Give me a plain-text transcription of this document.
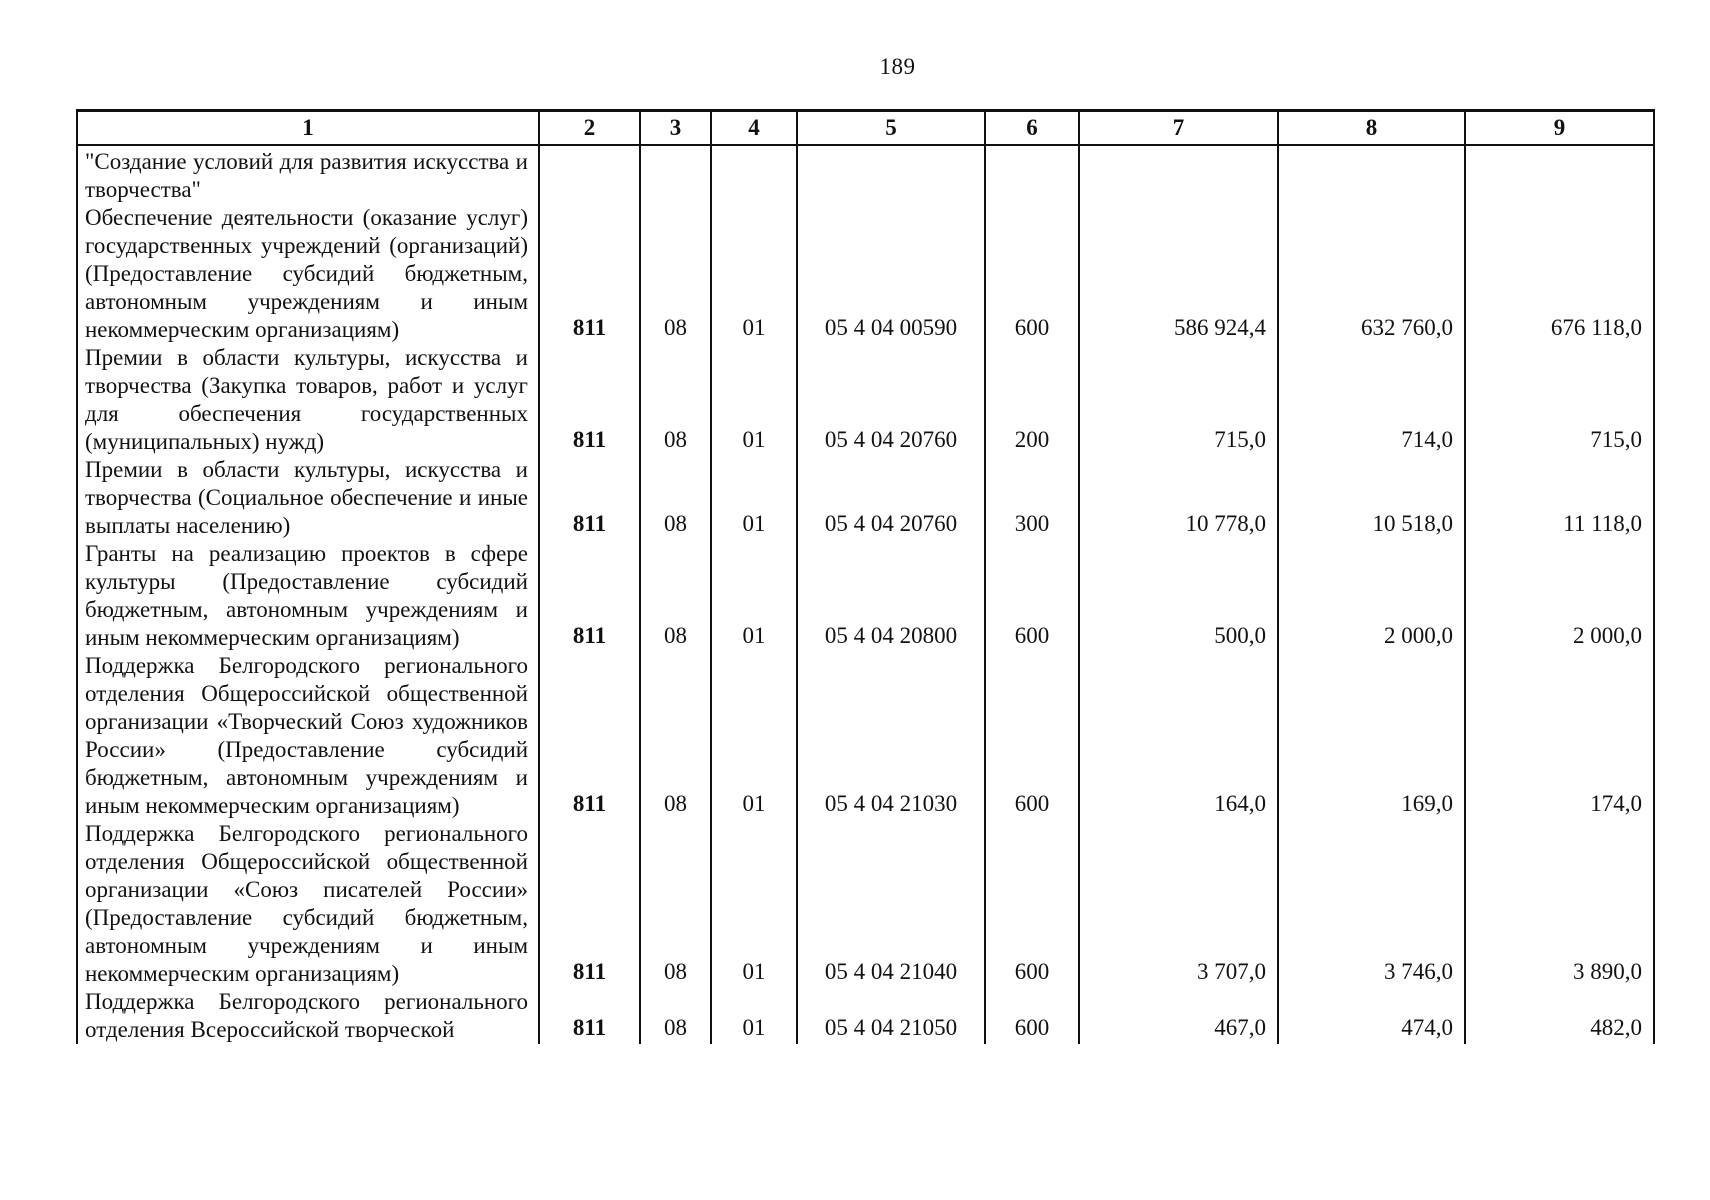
189
1	2	3	4	5	6	7	8	9
"Создание условий для развития искусства и творчества"								
Обеспечение деятельности (оказание услуг) государственных учреждений (организаций) (Предоставление субсидий бюджетным, автономным учреждениям и иным некоммерческим организациям)	811	08	01	05 4 04 00590	600	586 924,4	632 760,0	676 118,0
Премии в области культуры, искусства и творчества (Закупка товаров, работ и услуг для обеспечения государственных (муниципальных) нужд)	811	08	01	05 4 04 20760	200	715,0	714,0	715,0
Премии в области культуры, искусства и творчества (Социальное обеспечение и иные выплаты населению)	811	08	01	05 4 04 20760	300	10 778,0	10 518,0	11 118,0
Гранты на реализацию проектов в сфере культуры (Предоставление субсидий бюджетным, автономным учреждениям и иным некоммерческим организациям)	811	08	01	05 4 04 20800	600	500,0	2 000,0	2 000,0
Поддержка Белгородского регионального отделения Общероссийской общественной организации «Творческий Союз художников России» (Предоставление субсидий бюджетным, автономным учреждениям и иным некоммерческим организациям)	811	08	01	05 4 04 21030	600	164,0	169,0	174,0
Поддержка Белгородского регионального отделения Общероссийской общественной организации «Союз писателей России» (Предоставление субсидий бюджетным, автономным учреждениям и иным некоммерческим организациям)	811	08	01	05 4 04 21040	600	3 707,0	3 746,0	3 890,0
Поддержка Белгородского регионального отделения Всероссийской творческой	811	08	01	05 4 04 21050	600	467,0	474,0	482,0
